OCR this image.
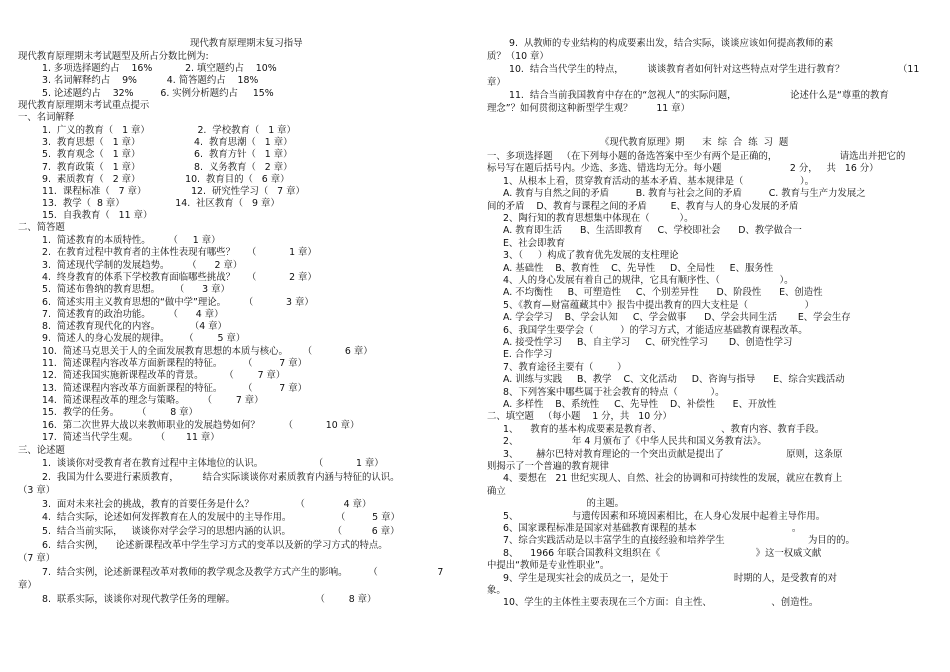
现代教育原理期末复习指导
现代教育原理期末考试题型及所占分数比例为:
1. 多项选择题约占    16%           2. 填空题约占    10%
3. 名词解释约占    9%          4. 简答题约占    18%
5. 论述题约占    32%         6. 实例分析题约占     15%
现代教育原理期末考试重点提示
一、名词解释
1.  广义的教育（   1 章）                2.  学校教育（   1 章）
3.  教育思想（   1 章）                  4.  教育思潮（   1 章）
5.  教育观念（   1 章）                  6.  教育方针（   1 章）
7.  教育政策（   1 章）                  8.  义务教育（   2 章）
9.  素质教育（   2 章）               10.  教育目的（   6 章）
11.  课程标准（   7 章）               12.  研究性学习（   7 章）
13.  教学（  8 章）                 14.  社区教育（   9 章）
15.  自我教育（   11 章）
二、简答题
1.  简述教育的本质特性。      （     1 章）
2.  在教育过程中教育者的主体性表现有哪些？    （           1 章）
3.  简述现代学制的发展趋势。      （      2 章）
4.  终身教育的体系下学校教育面临哪些挑战？    （           2 章）
5.  简述布鲁纳的教育思想。     （      3 章）
6.  简述实用主义教育思想的“做中学”理论。      （           3 章）
7.  简述教育的政治功能。      （      4 章）
8.  简述教育现代化的内容。          （4 章）
9.  简述人的身心发展的规律。     （        5 章）
10.  简述马克思关于人的全面发展教育思想的本质与核心。     （           6 章）
11.  简述课程内容改革方面新课程的特征。       （         7 章）
12.  简述我国实施新课程改革的背景。       （        7 章）
13.  简述课程内容改革方面新课程的特征。       （         7 章）
14.  简述课程改革的理念与策略。      （        7 章）
15.  教学的任务。      （        8 章）
16.  第二次世界大战以来教师职业的发展趋势如何？        （           10 章）
17.  简述当代学生观。      （       11 章）
三、论述题
1.  谈谈你对受教育者在教育过程中主体地位的认识。                 （           1 章）
2.  我国为什么要进行素质教育，        结合实际谈谈你对素质教育内涵与特征的认识。
（3 章）
3.  面对未来社会的挑战，教育的首要任务是什么？              （             4 章）
4.  结合实际，论述如何发挥教育在人的发展中的主导作用。               （         5 章）
5.  结合当前实际，   谈谈你对学会学习的思想内涵的认识。              （          6 章）
6.  结合实例，    论述新课程改革中学生学习方式的变革以及新的学习方式的特点。
（7 章）
7.  结合实例，论述新课程改革对教师的教学观念及教学方式产生的影响。       （                    7
章）
8.  联系实际，谈谈你对现代教学任务的理解。                           （        8 章）
9.  从教师的专业结构的构成要素出发，结合实际，谈谈应该如何提高教师的素
质？（10 章）
10.  结合当代学生的特点，        谈谈教育者如何针对这些特点对学生进行教育？                  （11
章）
11.  结合当前我国教育中存在的“忽视人”的实际问题，                  论述什么是“尊重的教育
理念”？如何贯彻这种新型学生观？        11 章）
《现代教育原理》期      末  综  合  练  习  题
一、多项选择题   （在下列每小题的备选答案中至少有两个是正确的，                     请选出并把它的
标号写在题后括号内。少选、多选、错选均无分。每小题                       2 分，   共   16 分）
1、从根本上看，贯穿教育活动的基本矛盾、基本规律是（                   ）。
A. 教育与自然之间的矛盾         B. 教育与社会之间的矛盾         C. 教育与生产力发展之
间的矛盾    D、教育与课程之间的矛盾        E、教育与人的身心发展的矛盾
2、陶行知的教育思想集中体现在（          ）。
A. 教育即生活      B、生活即教育     C、学校即社会      D、教学做合一
E、社会即教育
3、（     ）构成了教育优先发展的支柱理论
A. 基础性    B、教育性    C、先导性     D、全局性     E、服务性
4、人的身心发展有着自己的规律，它具有顺序性、（                    ）。
A. 不均衡性     B、可塑造性     C、个别差异性      D、阶段性      E、创造性
5、《教育—财富蕴藏其中》报告中提出教育的四大支柱是（                   ）
A. 学会学习    B、学会认知     C、学会做事      D、学会共同生活       E、学会生存
6、我国学生要学会（         ）的学习方式，才能适应基础教育课程改革。
A. 接受性学习     B、自主学习     C、研究性学习       D、创造性学习
E. 合作学习
7、教育途径主要有（        ）
A. 训练与实践     B、教学    C、文化活动     D、咨询与指导      E、综合实践活动
8、下列答案中哪些属于社会教育的特点（           ）。
A. 多样性    B、系统性     C、先导性    D、补偿性      E、开放性
二、填空题   （每小题    1 分，共   10 分）
1、    教育的基本构成要素是教育者、                    、教育内容、教育手段。
2、                  年 4 月颁布了《中华人民共和国义务教育法》。
3、      赫尔巴特对教育理论的一个突出贡献是提出了                     原则，这条原
则揭示了一个普遍的教育规律
4、要想在   21 世纪实现人、自然、社会的协调和可持续性的发展，就应在教育上
确立
的主题。
5、                  与遗传因素和环境因素相比，在人身心发展中起着主导作用。
6、国家课程标准是国家对基础教育课程的基本                                。
7、综合实践活动是以丰富学生的直接经验和培养学生                            为目的的。
8、    1966 年联合国教科文组织在《                                》这一权威文献
中提出“教师是专业性职业”。
9、学生是现实社会的成员之一，是处于                      时期的人，是受教育的对
象。
10、学生的主体性主要表现在三个方面：自主性、                    、创造性。
